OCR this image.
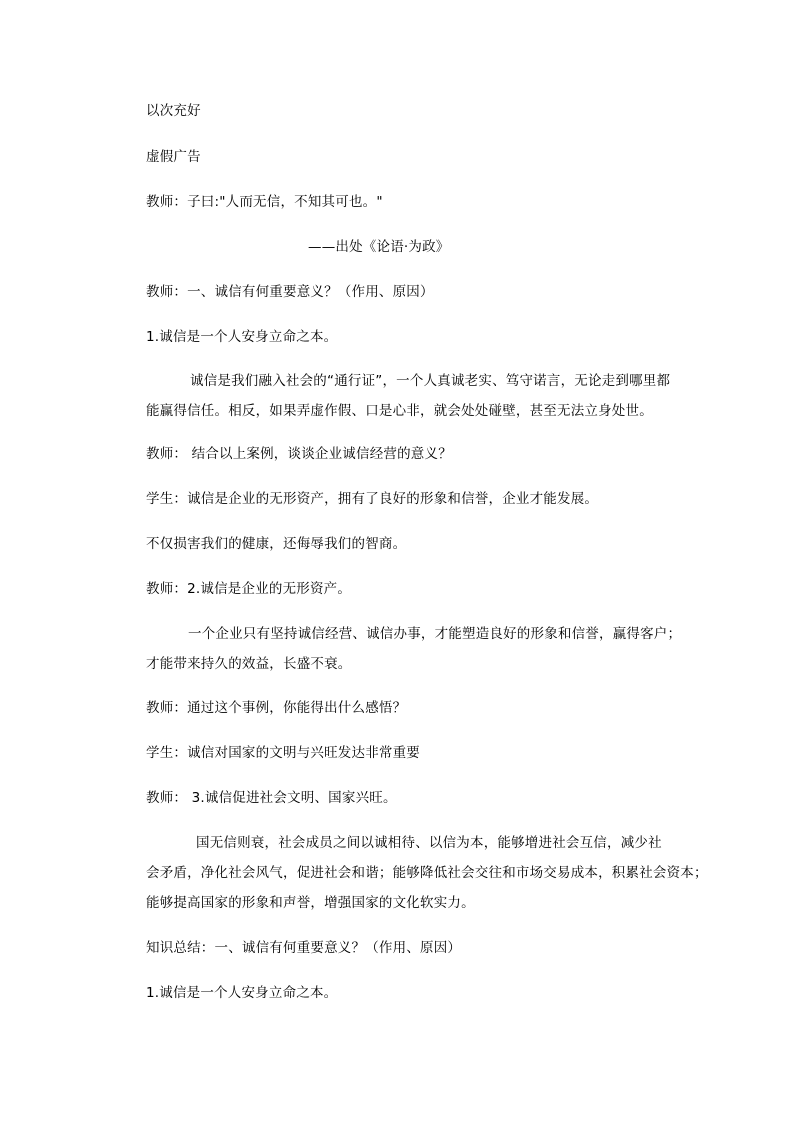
以次充好
虚假广告
教师：子曰:"人而无信，不知其可也。"
——出处《论语·为政》
教师：一、诚信有何重要意义？（作用、原因）
1.诚信是一个人安身立命之本。
诚信是我们融入社会的“通行证”，一个人真诚老实、笃守诺言，无论走到哪里都
能赢得信任。相反，如果弄虚作假、口是心非，就会处处碰壁，甚至无法立身处世。
教师： 结合以上案例，谈谈企业诚信经营的意义？
学生：诚信是企业的无形资产，拥有了良好的形象和信誉，企业才能发展。
不仅损害我们的健康，还侮辱我们的智商。
教师：2.诚信是企业的无形资产。
一个企业只有坚持诚信经营、诚信办事，才能塑造良好的形象和信誉，赢得客户；
才能带来持久的效益，长盛不衰。
教师：通过这个事例，你能得出什么感悟？
学生：诚信对国家的文明与兴旺发达非常重要
教师： 3.诚信促进社会文明、国家兴旺。
国无信则衰，社会成员之间以诚相待、以信为本，能够增进社会互信，减少社
会矛盾，净化社会风气，促进社会和谐；能够降低社会交往和市场交易成本，积累社会资本；
能够提高国家的形象和声誉，增强国家的文化软实力。
知识总结：一、诚信有何重要意义？（作用、原因）
1.诚信是一个人安身立命之本。
